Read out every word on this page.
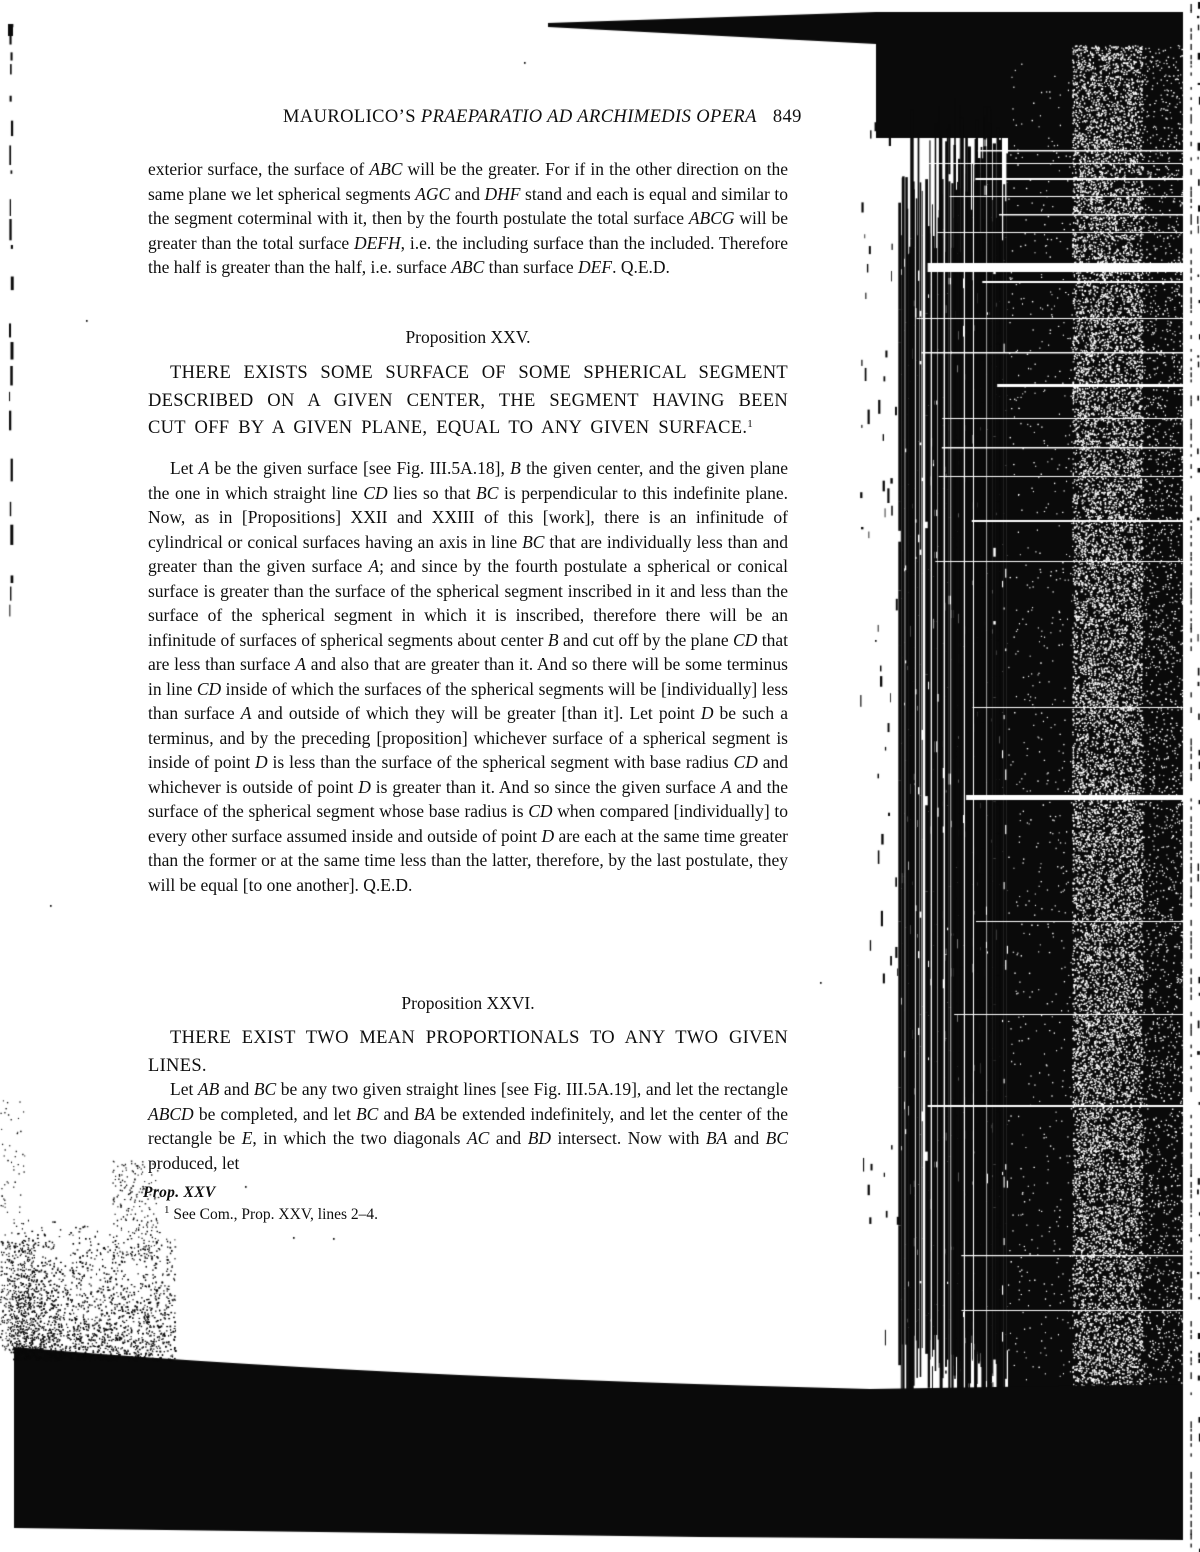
MAUROLICO’S PRAEPARATIO AD ARCHIMEDIS OPERA 849
exterior surface, the surface of ABC will be the greater. For if in the other direction on the same plane we let spherical segments AGC and DHF stand and each is equal and similar to the segment coterminal with it, then by the fourth postulate the total surface ABCG will be greater than the total surface DEFH, i.e. the including surface than the included. Therefore the half is greater than the half, i.e. surface ABC than surface DEF. Q.E.D.
Proposition XXV.
THERE EXISTS SOME SURFACE OF SOME SPHERICAL SEGMENT DESCRIBED ON A GIVEN CENTER, THE SEGMENT HAVING BEEN CUT OFF BY A GIVEN PLANE, EQUAL TO ANY GIVEN SURFACE.$^1$
Let A be the given surface [see Fig. III.5A.18], B the given center, and the given plane the one in which straight line CD lies so that BC is perpendicular to this indefinite plane. Now, as in [Propositions] XXII and XXIII of this [work], there is an infinitude of cylindrical or conical surfaces having an axis in line BC that are individually less than and greater than the given surface A; and since by the fourth postulate a spherical or conical surface is greater than the surface of the spherical segment inscribed in it and less than the surface of the spherical segment in which it is inscribed, therefore there will be an infinitude of surfaces of spherical segments about center B and cut off by the plane CD that are less than surface A and also that are greater than it. And so there will be some terminus in line CD inside of which the surfaces of the spherical segments will be [individually] less than surface A and outside of which they will be greater [than it]. Let point D be such a terminus, and by the preceding [proposition] whichever surface of a spherical segment is inside of point D is less than the surface of the spherical segment with base radius CD and whichever is outside of point D is greater than it. And so since the given surface A and the surface of the spherical segment whose base radius is CD when compared [individually] to every other surface assumed inside and outside of point D are each at the same time greater than the former or at the same time less than the latter, therefore, by the last postulate, they will be equal [to one another]. Q.E.D.
Proposition XXVI.
THERE EXIST TWO MEAN PROPORTIONALS TO ANY TWO GIVEN LINES.
Let AB and BC be any two given straight lines [see Fig. III.5A.19], and let the rectangle ABCD be completed, and let BC and BA be extended indefinitely, and let the center of the rectangle be E, in which the two diagonals AC and BD intersect. Now with BA and BC produced, let
Prop. XXV
$^1$ See Com., Prop. XXV, lines 2–4.
